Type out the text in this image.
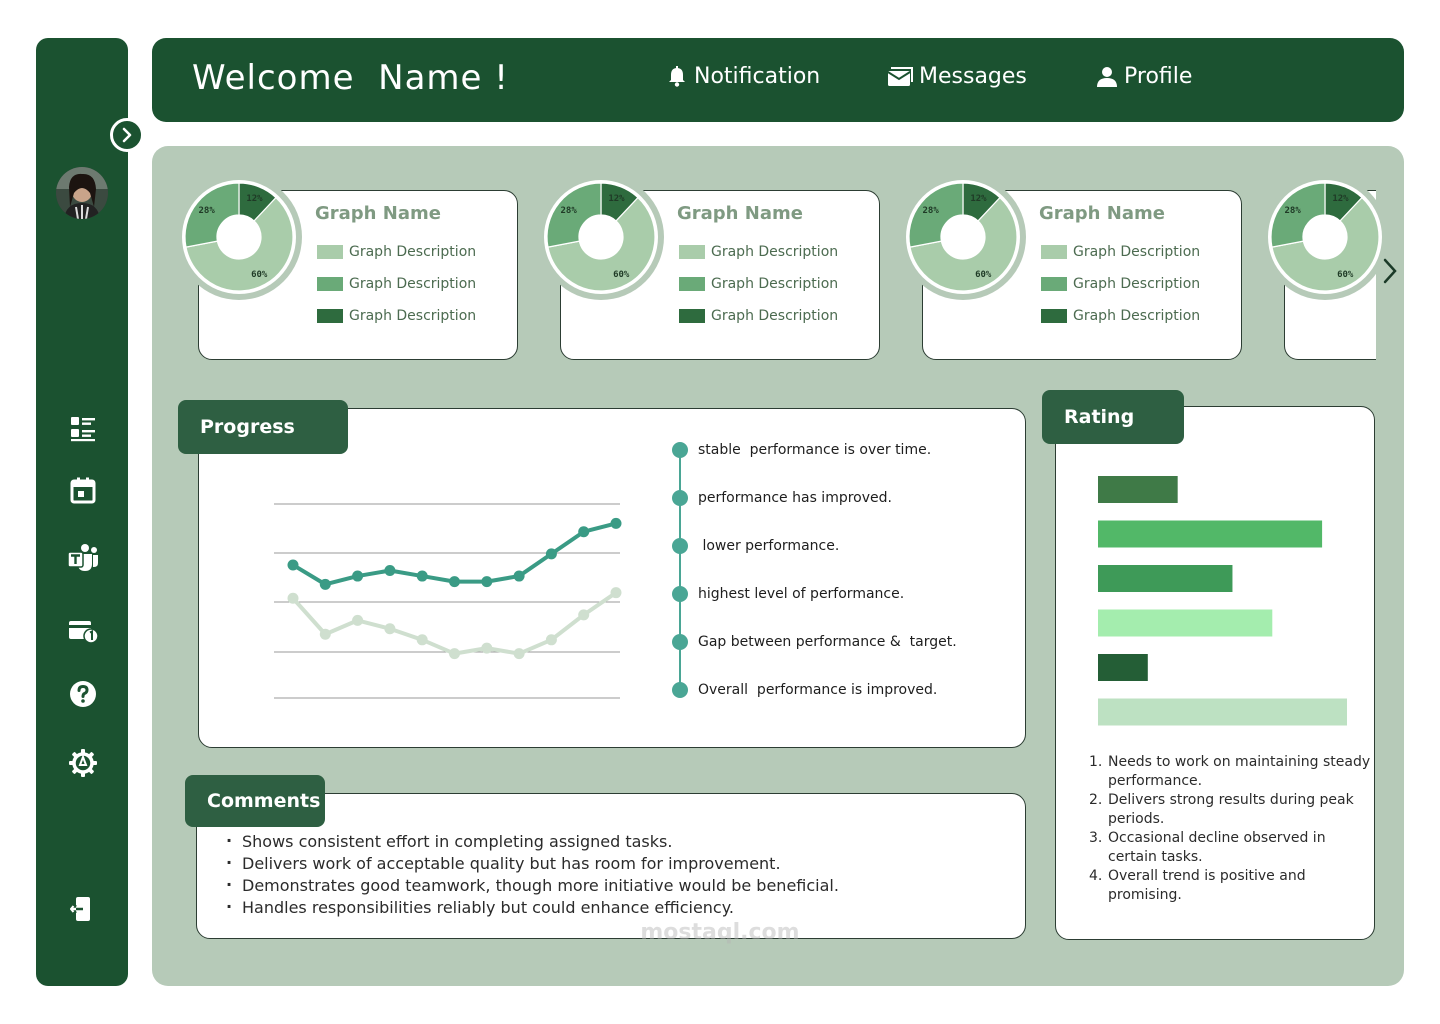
Welcome  Name !	Notification	Messages	Profile
Graph Name
Graph Description
Graph Description
Graph Description
Graph Name
Graph Description
Graph Description
Graph Description
Graph Name
Graph Description
Graph Description
Graph Description
12%
60%
28%
12%
60%
28%
12%
60%
28%
12%
60%
28%
Progress
stable  performance is over time.
performance has improved.
lower performance.
highest level of performance.
Gap between performance &  target.
Overall  performance is improved.
Comments
· Shows consistent effort in completing assigned tasks.
· Delivers work of acceptable quality but has room for improvement.
· Demonstrates good teamwork, though more initiative would be beneficial.
· Handles responsibilities reliably but could enhance efficiency.
Rating
1. Needs to work on maintaining steady performance.
2. Delivers strong results during peak periods.
3. Occasional decline observed in certain tasks.
4. Overall trend is positive and promising.
mostaql.com
